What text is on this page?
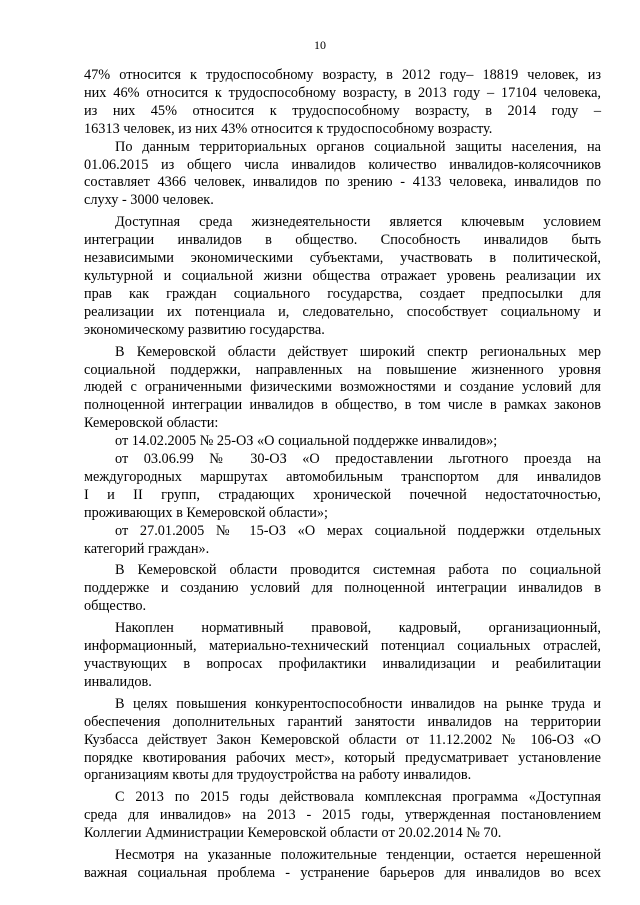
10

47% относится к трудоспособному возрасту, в 2012 году– 18819 человек, из
них 46% относится к трудоспособному возрасту, в 2013 году – 17104 человека,
из них 45% относится к трудоспособному возрасту, в 2014 году –
16313 человек, из них 43% относится к трудоспособному возрасту.

По данным территориальных органов социальной защиты населения, на
01.06.2015 из общего числа инвалидов количество инвалидов-колясочников
составляет 4366 человек, инвалидов по зрению - 4133 человека, инвалидов по
слуху - 3000 человек.

Доступная среда жизнедеятельности является ключевым условием
интеграции инвалидов в общество. Способность инвалидов быть
независимыми экономическими субъектами, участвовать в политической,
культурной и социальной жизни общества отражает уровень реализации их
прав как граждан социального государства, создает предпосылки для
реализации их потенциала и, следовательно, способствует социальному и
экономическому развитию государства.

В Кемеровской области действует широкий спектр региональных мер
социальной поддержки, направленных на повышение жизненного уровня
людей с ограниченными физическими возможностями и создание условий для
полноценной интеграции инвалидов в общество, в том числе в рамках законов
Кемеровской области:

от 14.02.2005 № 25-ОЗ «О социальной поддержке инвалидов»;

от 03.06.99 № 30-ОЗ «О предоставлении льготного проезда на
междугородных маршрутах автомобильным транспортом для инвалидов
I и II групп, страдающих хронической почечной недостаточностью,
проживающих в Кемеровской области»;

от 27.01.2005 № 15-ОЗ «О мерах социальной поддержки отдельных
категорий граждан».

В Кемеровской области проводится системная работа по социальной
поддержке и созданию условий для полноценной интеграции инвалидов в
общество.

Накоплен нормативный правовой, кадровый, организационный,
информационный, материально-технический потенциал социальных отраслей,
участвующих в вопросах профилактики инвалидизации и реабилитации
инвалидов.

В целях повышения конкурентоспособности инвалидов на рынке труда и
обеспечения дополнительных гарантий занятости инвалидов на территории
Кузбасса действует Закон Кемеровской области от 11.12.2002 № 106-ОЗ «О
порядке квотирования рабочих мест», который предусматривает установление
организациям квоты для трудоустройства на работу инвалидов.

С 2013 по 2015 годы действовала комплексная программа «Доступная
среда для инвалидов» на 2013 - 2015 годы, утвержденная постановлением
Коллегии Администрации Кемеровской области от 20.02.2014 № 70.

Несмотря на указанные положительные тенденции, остается нерешенной
важная социальная проблема - устранение барьеров для инвалидов во всех
